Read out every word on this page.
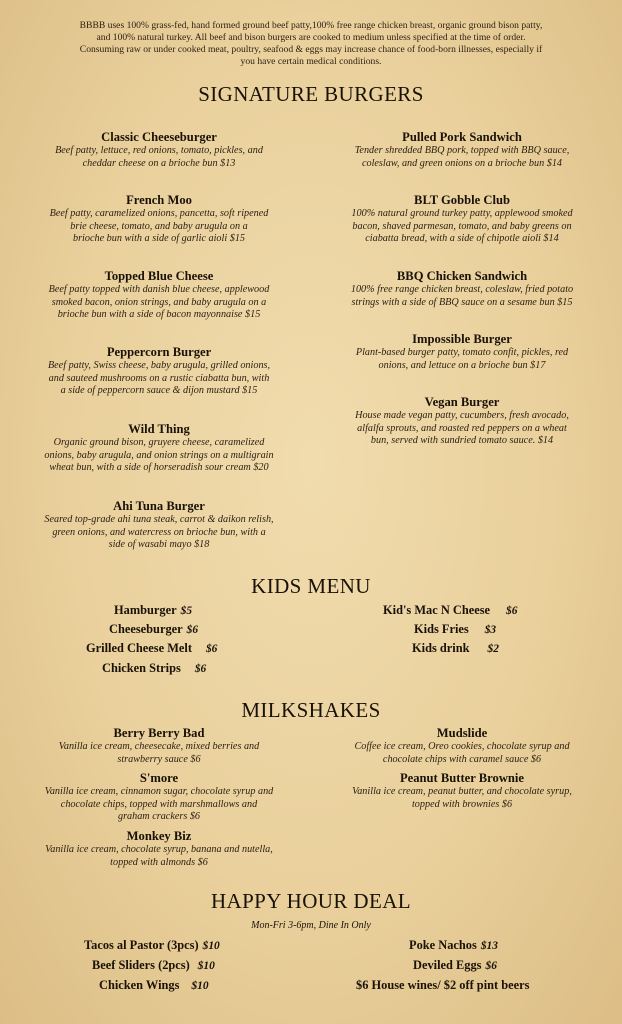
BBBB uses 100% grass-fed, hand formed ground beef patty,100% free range chicken breast, organic ground bison patty,
and 100% natural turkey. All beef and bison burgers are cooked to medium unless specified at the time of order.
Consuming raw or under cooked meat, poultry, seafood & eggs may increase chance of food-born illnesses, especially if
you have certain medical conditions.
SIGNATURE BURGERS
Classic Cheeseburger
Beef patty, lettuce, red onions, tomato, pickles, and
cheddar cheese on a brioche bun $13
French Moo
Beef patty, caramelized onions, pancetta, soft ripened
brie cheese, tomato, and baby arugula on a
brioche bun with a side of garlic aioli $15
Topped Blue Cheese
Beef patty topped with danish blue cheese, applewood
smoked bacon, onion strings, and baby arugula on a
brioche bun with a side of bacon mayonnaise $15
Peppercorn Burger
Beef patty, Swiss cheese, baby arugula, grilled onions,
and sauteed mushrooms on a rustic ciabatta bun, with
a side of peppercorn sauce & dijon mustard $15
Wild Thing
Organic ground bison, gruyere cheese, caramelized
onions, baby arugula, and onion strings on a multigrain
wheat bun, with a side of horseradish sour cream $20
Ahi Tuna Burger
Seared top-grade ahi tuna steak, carrot & daikon relish,
green onions, and watercress on brioche bun, with a
side of wasabi mayo $18
Pulled Pork Sandwich
Tender shredded BBQ pork, topped with BBQ sauce,
coleslaw, and green onions on a brioche bun $14
BLT Gobble Club
100% natural ground turkey patty, applewood smoked
bacon, shaved parmesan, tomato, and baby greens on
ciabatta bread, with a side of chipotle aioli $14
BBQ Chicken Sandwich
100% free range chicken breast, coleslaw, fried potato
strings with a side of BBQ sauce on a sesame bun $15
Impossible Burger
Plant-based burger patty, tomato confit, pickles, red
onions, and lettuce on a brioche bun $17
Vegan Burger
House made vegan patty, cucumbers, fresh avocado,
alfalfa sprouts, and roasted red peppers on a wheat
bun, served with sundried tomato sauce. $14
KIDS MENU
Hamburger $5
Cheeseburger $6
Grilled Cheese Melt $6
Chicken Strips $6
Kid's Mac N Cheese $6
Kids Fries $3
Kids drink $2
MILKSHAKES
Berry Berry Bad
Vanilla ice cream, cheesecake, mixed berries and
strawberry sauce $6
S'more
Vanilla ice cream, cinnamon sugar, chocolate syrup and
chocolate chips, topped with marshmallows and
graham crackers $6
Monkey Biz
Vanilla ice cream, chocolate syrup, banana and nutella,
topped with almonds $6
Mudslide
Coffee ice cream, Oreo cookies, chocolate syrup and
chocolate chips with caramel sauce $6
Peanut Butter Brownie
Vanilla ice cream, peanut butter, and chocolate syrup,
topped with brownies $6
HAPPY HOUR DEAL
Mon-Fri 3-6pm, Dine In Only
Tacos al Pastor (3pcs) $10
Beef Sliders (2pcs) $10
Chicken Wings $10
Poke Nachos $13
Deviled Eggs $6
$6 House wines/ $2 off pint beers
